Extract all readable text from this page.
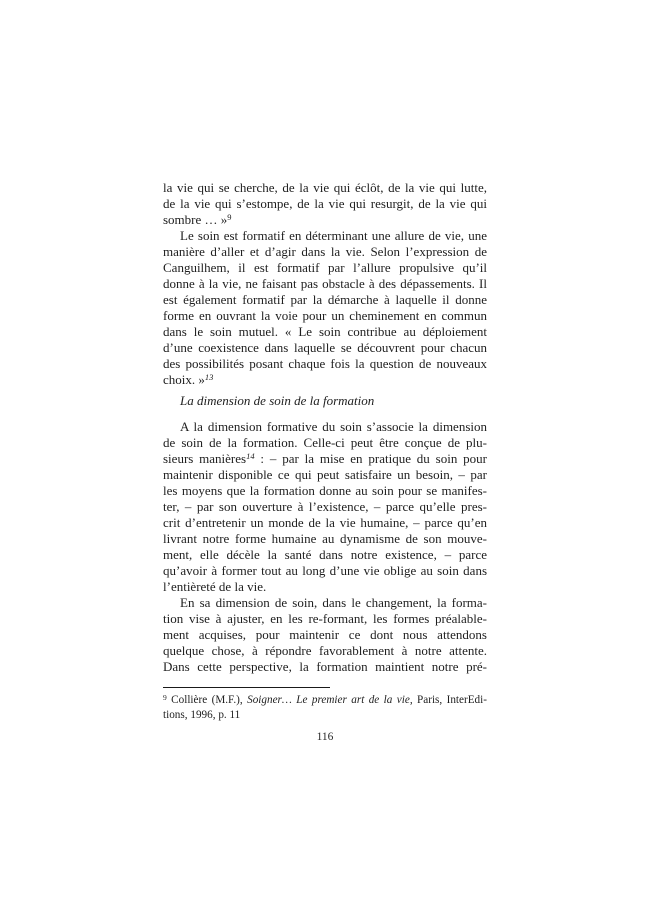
la vie qui se cherche, de la vie qui éclôt, de la vie qui lutte,
de la vie qui s’estompe, de la vie qui resurgit, de la vie qui
sombre … »$^9$
Le soin est formatif en déterminant une allure de vie, une
manière d’aller et d’agir dans la vie. Selon l’expression de
Canguilhem, il est formatif par l’allure propulsive qu’il
donne à la vie, ne faisant pas obstacle à des dépassements. Il
est également formatif par la démarche à laquelle il donne
forme en ouvrant la voie pour un cheminement en commun
dans le soin mutuel. « Le soin contribue au déploiement
d’une coexistence dans laquelle se découvrent pour chacun
des possibilités posant chaque fois la question de nouveaux
choix. »$^{13}$
La dimension de soin de la formation
A la dimension formative du soin s’associe la dimension
de soin de la formation. Celle-ci peut être conçue de plu-
sieurs manières$^{14}$ : – par la mise en pratique du soin pour
maintenir disponible ce qui peut satisfaire un besoin, – par
les moyens que la formation donne au soin pour se manifes-
ter, – par son ouverture à l’existence, – parce qu’elle pres-
crit d’entretenir un monde de la vie humaine, – parce qu’en
livrant notre forme humaine au dynamisme de son mouve-
ment, elle décèle la santé dans notre existence, – parce
qu’avoir à former tout au long d’une vie oblige au soin dans
l’entièreté de la vie.
En sa dimension de soin, dans le changement, la forma-
tion vise à ajuster, en les re-formant, les formes préalable-
ment acquises, pour maintenir ce dont nous attendons
quelque chose, à répondre favorablement à notre attente.
Dans cette perspective, la formation maintient notre pré-
$^9$ Collière (M.F.), Soigner… Le premier art de la vie, Paris, InterEdi-
tions, 1996, p. 11
116
